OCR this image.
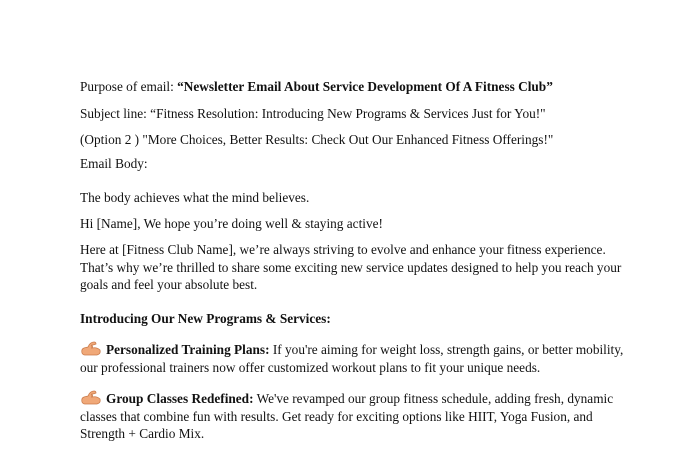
Purpose of email: “Newsletter Email About Service Development Of A Fitness Club”

Subject line: “Fitness Resolution: Introducing New Programs & Services Just for You!"

(Option 2 ) "More Choices, Better Results: Check Out Our Enhanced Fitness Offerings!"

Email Body:

The body achieves what the mind believes.

Hi [Name], We hope you’re doing well & staying active!

Here at [Fitness Club Name], we’re always striving to evolve and enhance your fitness experience. That’s why we’re thrilled to share some exciting new service updates designed to help you reach your goals and feel your absolute best.

Introducing Our New Programs & Services:

Personalized Training Plans: If you're aiming for weight loss, strength gains, or better mobility, our professional trainers now offer customized workout plans to fit your unique needs.

Group Classes Redefined: We've revamped our group fitness schedule, adding fresh, dynamic classes that combine fun with results. Get ready for exciting options like HIIT, Yoga Fusion, and Strength + Cardio Mix.
